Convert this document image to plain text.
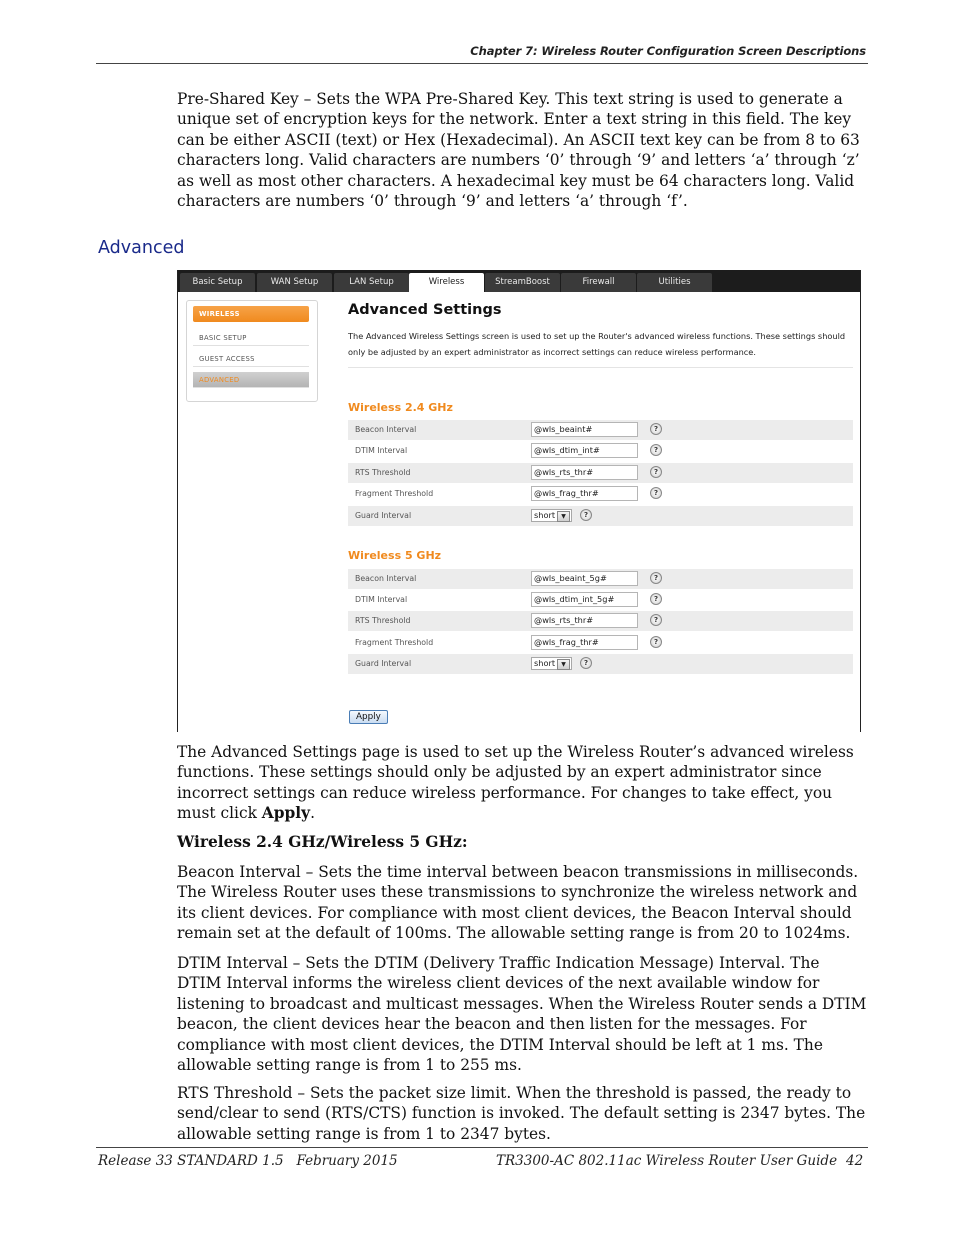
Chapter 7: Wireless Router Configuration Screen Descriptions
Pre-Shared Key – Sets the WPA Pre-Shared Key. This text string is used to generate a unique set of encryption keys for the network. Enter a text string in this field. The key can be either ASCII (text) or Hex (Hexadecimal). An ASCII text key can be from 8 to 63 characters long. Valid characters are numbers ‘0’ through ‘9’ and letters ‘a’ through ‘z’ as well as most other characters. A hexadecimal key must be 64 characters long. Valid characters are numbers ‘0’ through ‘9’ and letters ‘a’ through ‘f’.
Advanced
Basic Setup	WAN Setup	LAN Setup	Wireless	StreamBoost	Firewall	Utilities
WIRELESS
BASIC SETUP
GUEST ACCESS
ADVANCED
Advanced Settings
The Advanced Wireless Settings screen is used to set up the Router's advanced wireless functions. These settings should only be adjusted by an expert administrator as incorrect settings can reduce wireless performance.
Wireless 2.4 GHz
Beacon Interval	@wls_beaint#	?
DTIM Interval	@wls_dtim_int#	?
RTS Threshold	@wls_rts_thr#	?
Fragment Threshold	@wls_frag_thr#	?
Guard Interval	short	▼	?
Wireless 5 GHz
Beacon Interval	@wls_beaint_5g#	?
DTIM Interval	@wls_dtim_int_5g#	?
RTS Threshold	@wls_rts_thr#	?
Fragment Threshold	@wls_frag_thr#	?
Guard Interval	short	▼	?
Apply
The Advanced Settings page is used to set up the Wireless Router’s advanced wireless functions. These settings should only be adjusted by an expert administrator since incorrect settings can reduce wireless performance. For changes to take effect, you must click Apply.
Wireless 2.4 GHz/Wireless 5 GHz:
Beacon Interval – Sets the time interval between beacon transmissions in milliseconds. The Wireless Router uses these transmissions to synchronize the wireless network and its client devices. For compliance with most client devices, the Beacon Interval should remain set at the default of 100ms. The allowable setting range is from 20 to 1024ms.
DTIM Interval – Sets the DTIM (Delivery Traffic Indication Message) Interval. The DTIM Interval informs the wireless client devices of the next available window for listening to broadcast and multicast messages. When the Wireless Router sends a DTIM beacon, the client devices hear the beacon and then listen for the messages. For compliance with most client devices, the DTIM Interval should be left at 1 ms. The allowable setting range is from 1 to 255 ms.
RTS Threshold – Sets the packet size limit. When the threshold is passed, the ready to send/clear to send (RTS/CTS) function is invoked. The default setting is 2347 bytes. The allowable setting range is from 1 to 2347 bytes.
Release 33 STANDARD 1.5   February 2015	TR3300-AC 802.11ac Wireless Router User Guide 42
